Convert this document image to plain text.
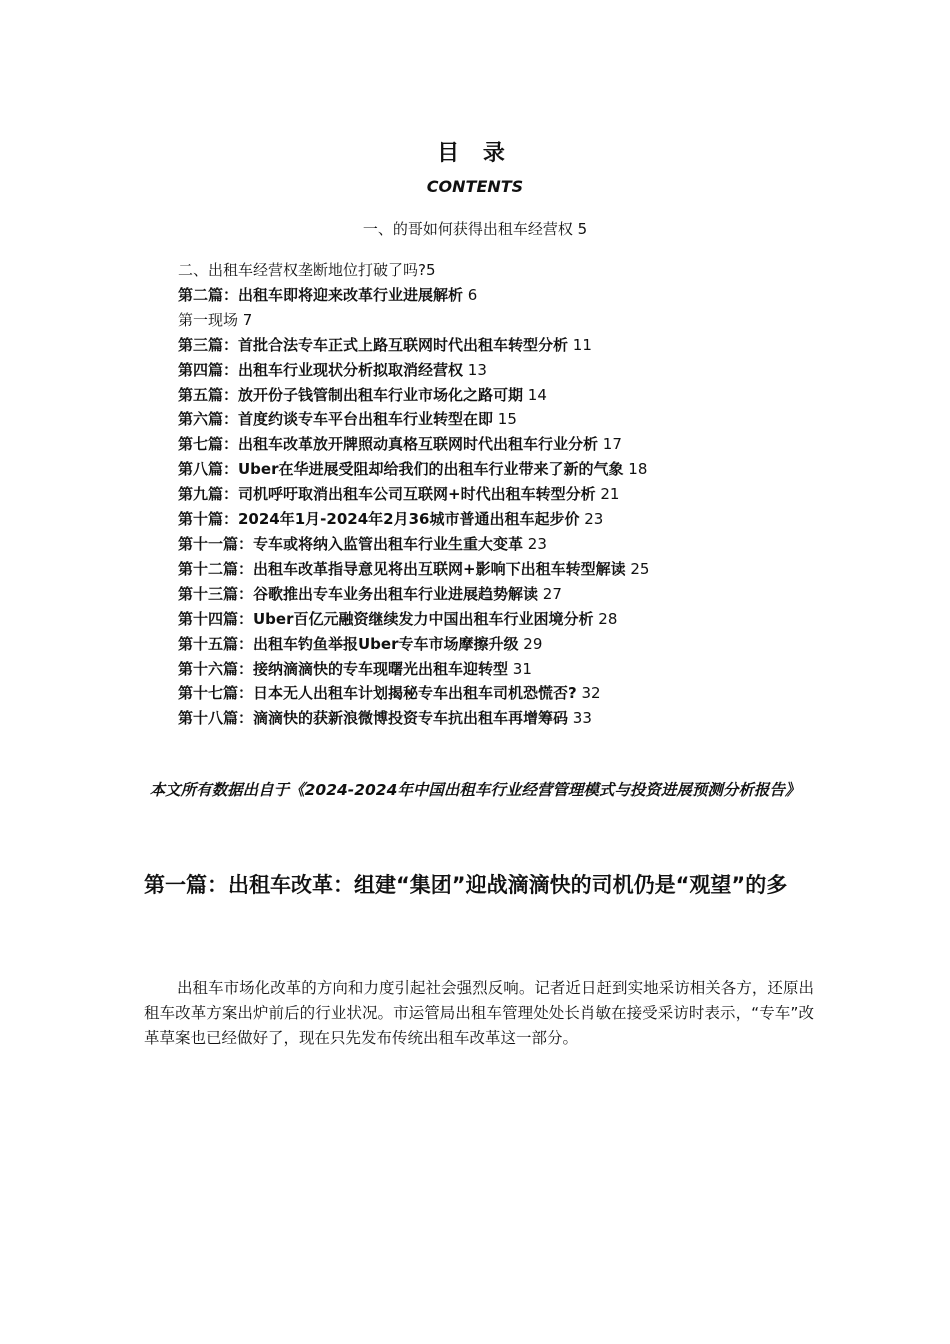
目 录
CONTENTS
一、的哥如何获得出租车经营权 5
二、出租车经营权垄断地位打破了吗?5
第二篇：出租车即将迎来改革行业进展解析 6
第一现场 7
第三篇：首批合法专车正式上路互联网时代出租车转型分析 11
第四篇：出租车行业现状分析拟取消经营权 13
第五篇：放开份子钱管制出租车行业市场化之路可期 14
第六篇：首度约谈专车平台出租车行业转型在即 15
第七篇：出租车改革放开牌照动真格互联网时代出租车行业分析 17
第八篇：Uber在华进展受阻却给我们的出租车行业带来了新的气象 18
第九篇：司机呼吁取消出租车公司互联网+时代出租车转型分析 21
第十篇：2024年1月-2024年2月36城市普通出租车起步价 23
第十一篇：专车或将纳入监管出租车行业生重大变革 23
第十二篇：出租车改革指导意见将出互联网+影响下出租车转型解读 25
第十三篇：谷歌推出专车业务出租车行业进展趋势解读 27
第十四篇：Uber百亿元融资继续发力中国出租车行业困境分析 28
第十五篇：出租车钓鱼举报Uber专车市场摩擦升级 29
第十六篇：接纳滴滴快的专车现曙光出租车迎转型 31
第十七篇：日本无人出租车计划揭秘专车出租车司机恐慌否? 32
第十八篇：滴滴快的获新浪微博投资专车抗出租车再增筹码 33
本文所有数据出自于《2024-2024年中国出租车行业经营管理模式与投资进展预测分析报告》
第一篇：出租车改革：组建“集团”迎战滴滴快的司机仍是“观望”的多
出租车市场化改革的方向和力度引起社会强烈反响。记者近日赶到实地采访相关各方，还原出租车改革方案出炉前后的行业状况。市运管局出租车管理处处长肖敏在接受采访时表示，“专车”改革草案也已经做好了，现在只先发布传统出租车改革这一部分。
